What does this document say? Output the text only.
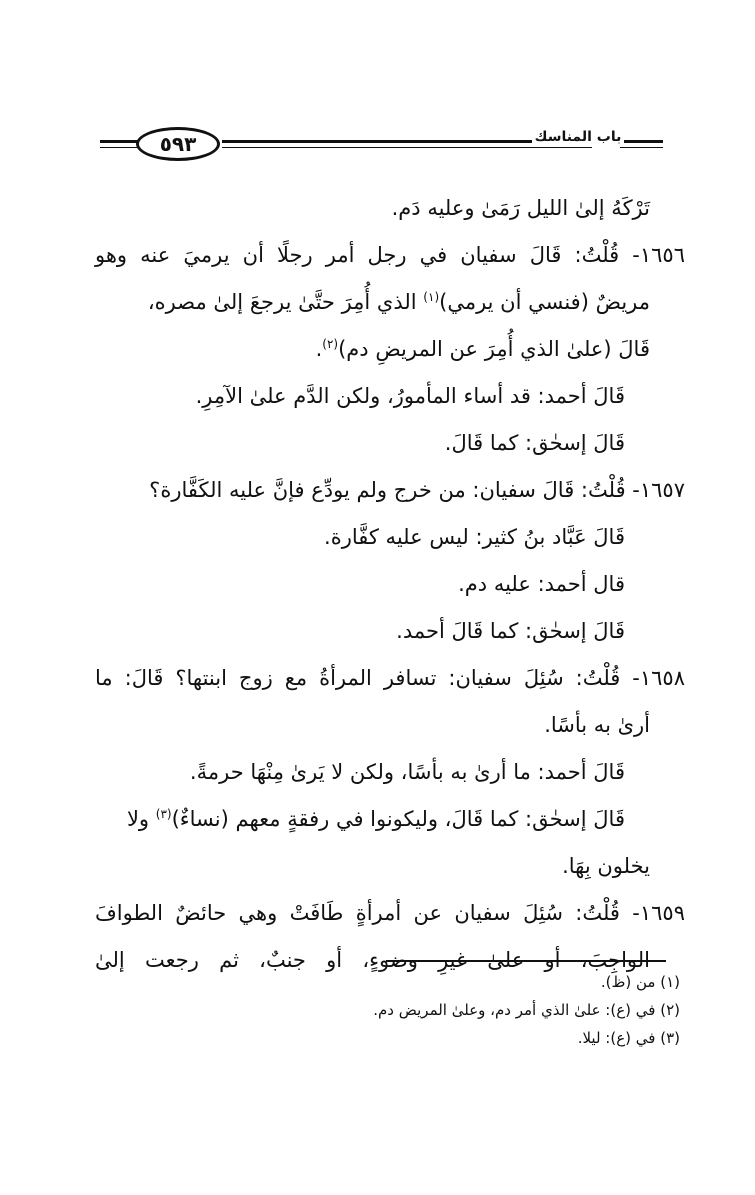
٥٩٣	باب المناسك
تَرْكَهُ إلىٰ الليل رَمَىٰ وعليه دَم.
١٦٥٦- قُلْتُ: قَالَ سفيان في رجل أمر رجلًا أن يرميَ عنه وهو
مريضٌ (فنسي أن يرمي)$^{(١)}$ الذي أُمِرَ حتَّىٰ يرجعَ إلىٰ مصره،
قَالَ (علىٰ الذي أُمِرَ عن المريضِ دم)$^{(٢)}$.
قَالَ أحمد: قد أساء المأمورُ، ولكن الدَّم علىٰ الآمِرِ.
قَالَ إسحٰق: كما قَالَ.
١٦٥٧- قُلْتُ: قَالَ سفيان: من خرج ولم يودِّع فإنَّ عليه الكَفَّارة؟
قَالَ عَبَّاد بنُ كثير: ليس عليه كفَّارة.
قال أحمد: عليه دم.
قَالَ إسحٰق: كما قَالَ أحمد.
١٦٥٨- قُلْتُ: سُئِلَ سفيان: تسافر المرأةُ مع زوج ابنتها؟ قَالَ: ما
أرىٰ به بأسًا.
قَالَ أحمد: ما أرىٰ به بأسًا، ولكن لا يَرىٰ مِنْهَا حرمةً.
قَالَ إسحٰق: كما قَالَ، وليكونوا في رفقةٍ معهم (نساءٌ)$^{(٣)}$ ولا
يخلون بِهَا.
١٦٥٩- قُلْتُ: سُئِلَ سفيان عن أمرأةٍ طَافَتْ وهي حائضٌ الطوافَ
الواجِبَ، أو علىٰ غيرِ وضوءٍ، أو جنبٌ، ثم رجعت إلىٰ
(١) من (ظ).
(٢) في (ع): علىٰ الذي أمر دم، وعلىٰ المريض دم.
(٣) في (ع): ليلا.
